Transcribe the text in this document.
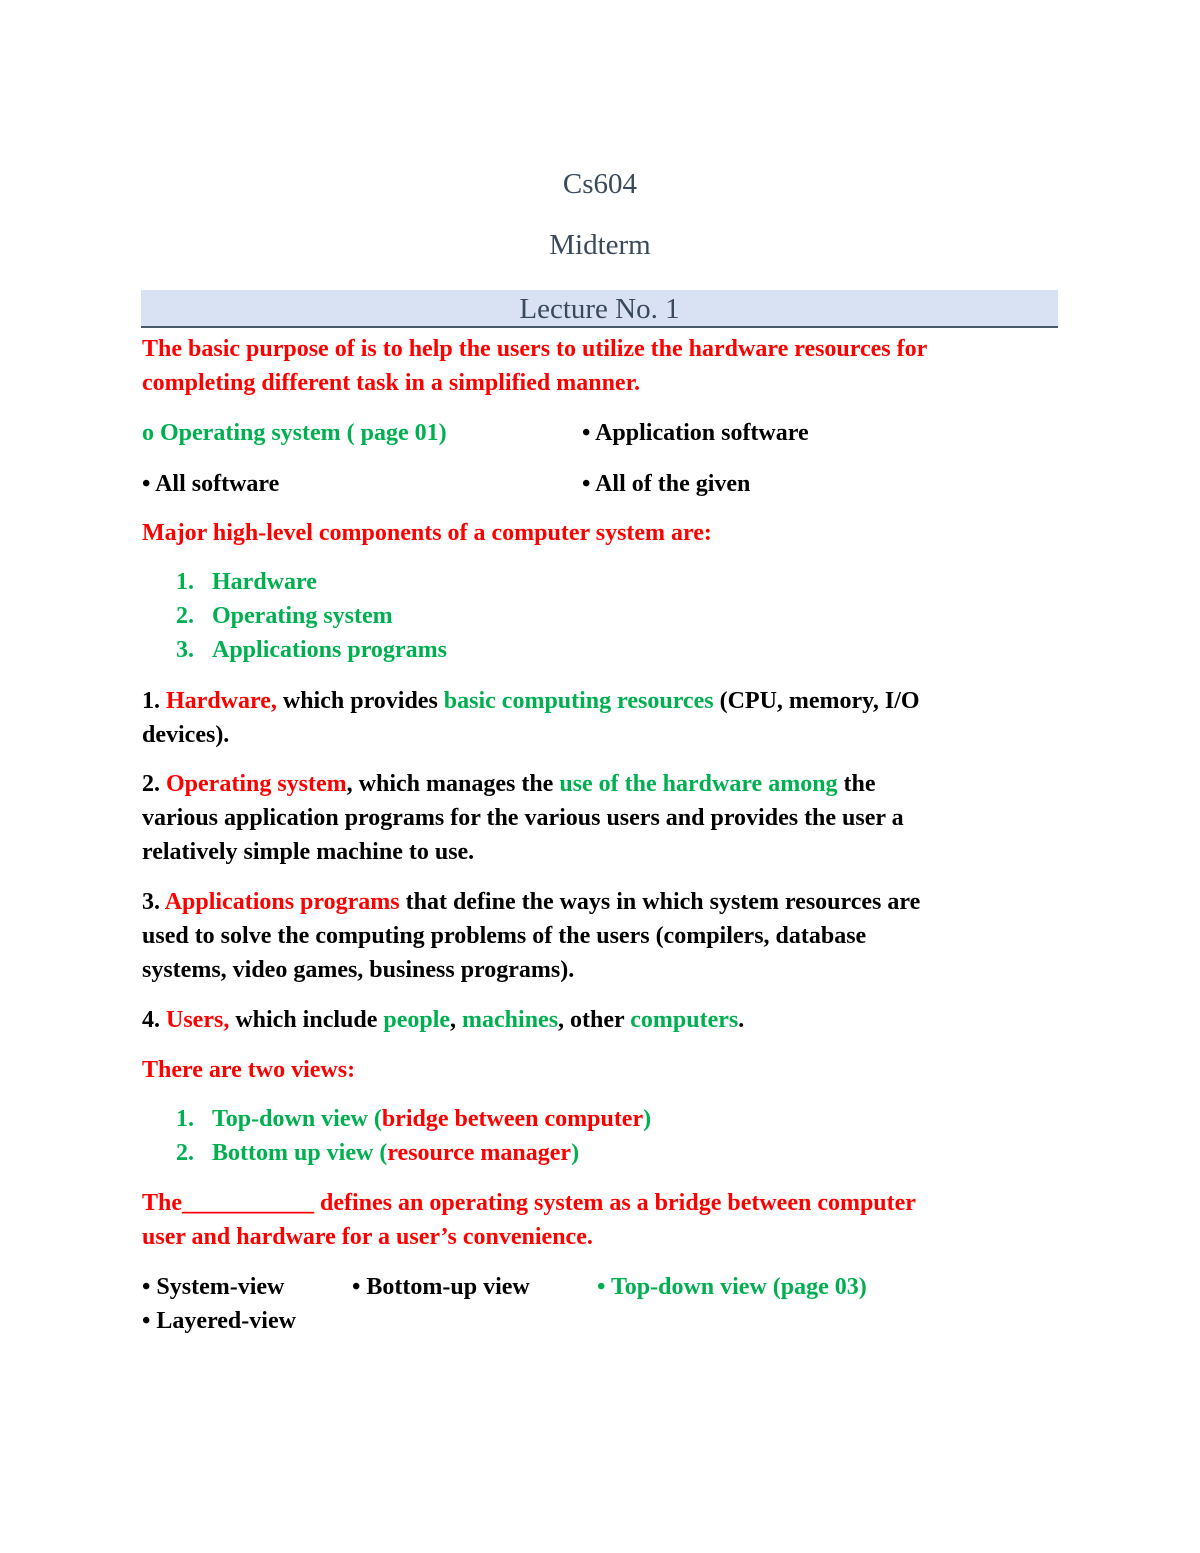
Cs604
Midterm
Lecture No. 1
The basic purpose of is to help the users to utilize the hardware resources for
completing different task in a simplified manner.
o Operating system ( page 01)	• Application software
• All software	• All of the given
Major high-level components of a computer system are:
1. Hardware
2. Operating system
3. Applications programs
1. Hardware, which provides basic computing resources (CPU, memory, I/O
devices).
2. Operating system, which manages the use of the hardware among the
various application programs for the various users and provides the user a
relatively simple machine to use.
3. Applications programs that define the ways in which system resources are
used to solve the computing problems of the users (compilers, database
systems, video games, business programs).
4. Users, which include people, machines, other computers.
There are two views:
1. Top-down view (bridge between computer)
2. Bottom up view (resource manager)
The___________ defines an operating system as a bridge between computer
user and hardware for a user’s convenience.
• System-view	• Bottom-up view	• Top-down view (page 03)
• Layered-view
